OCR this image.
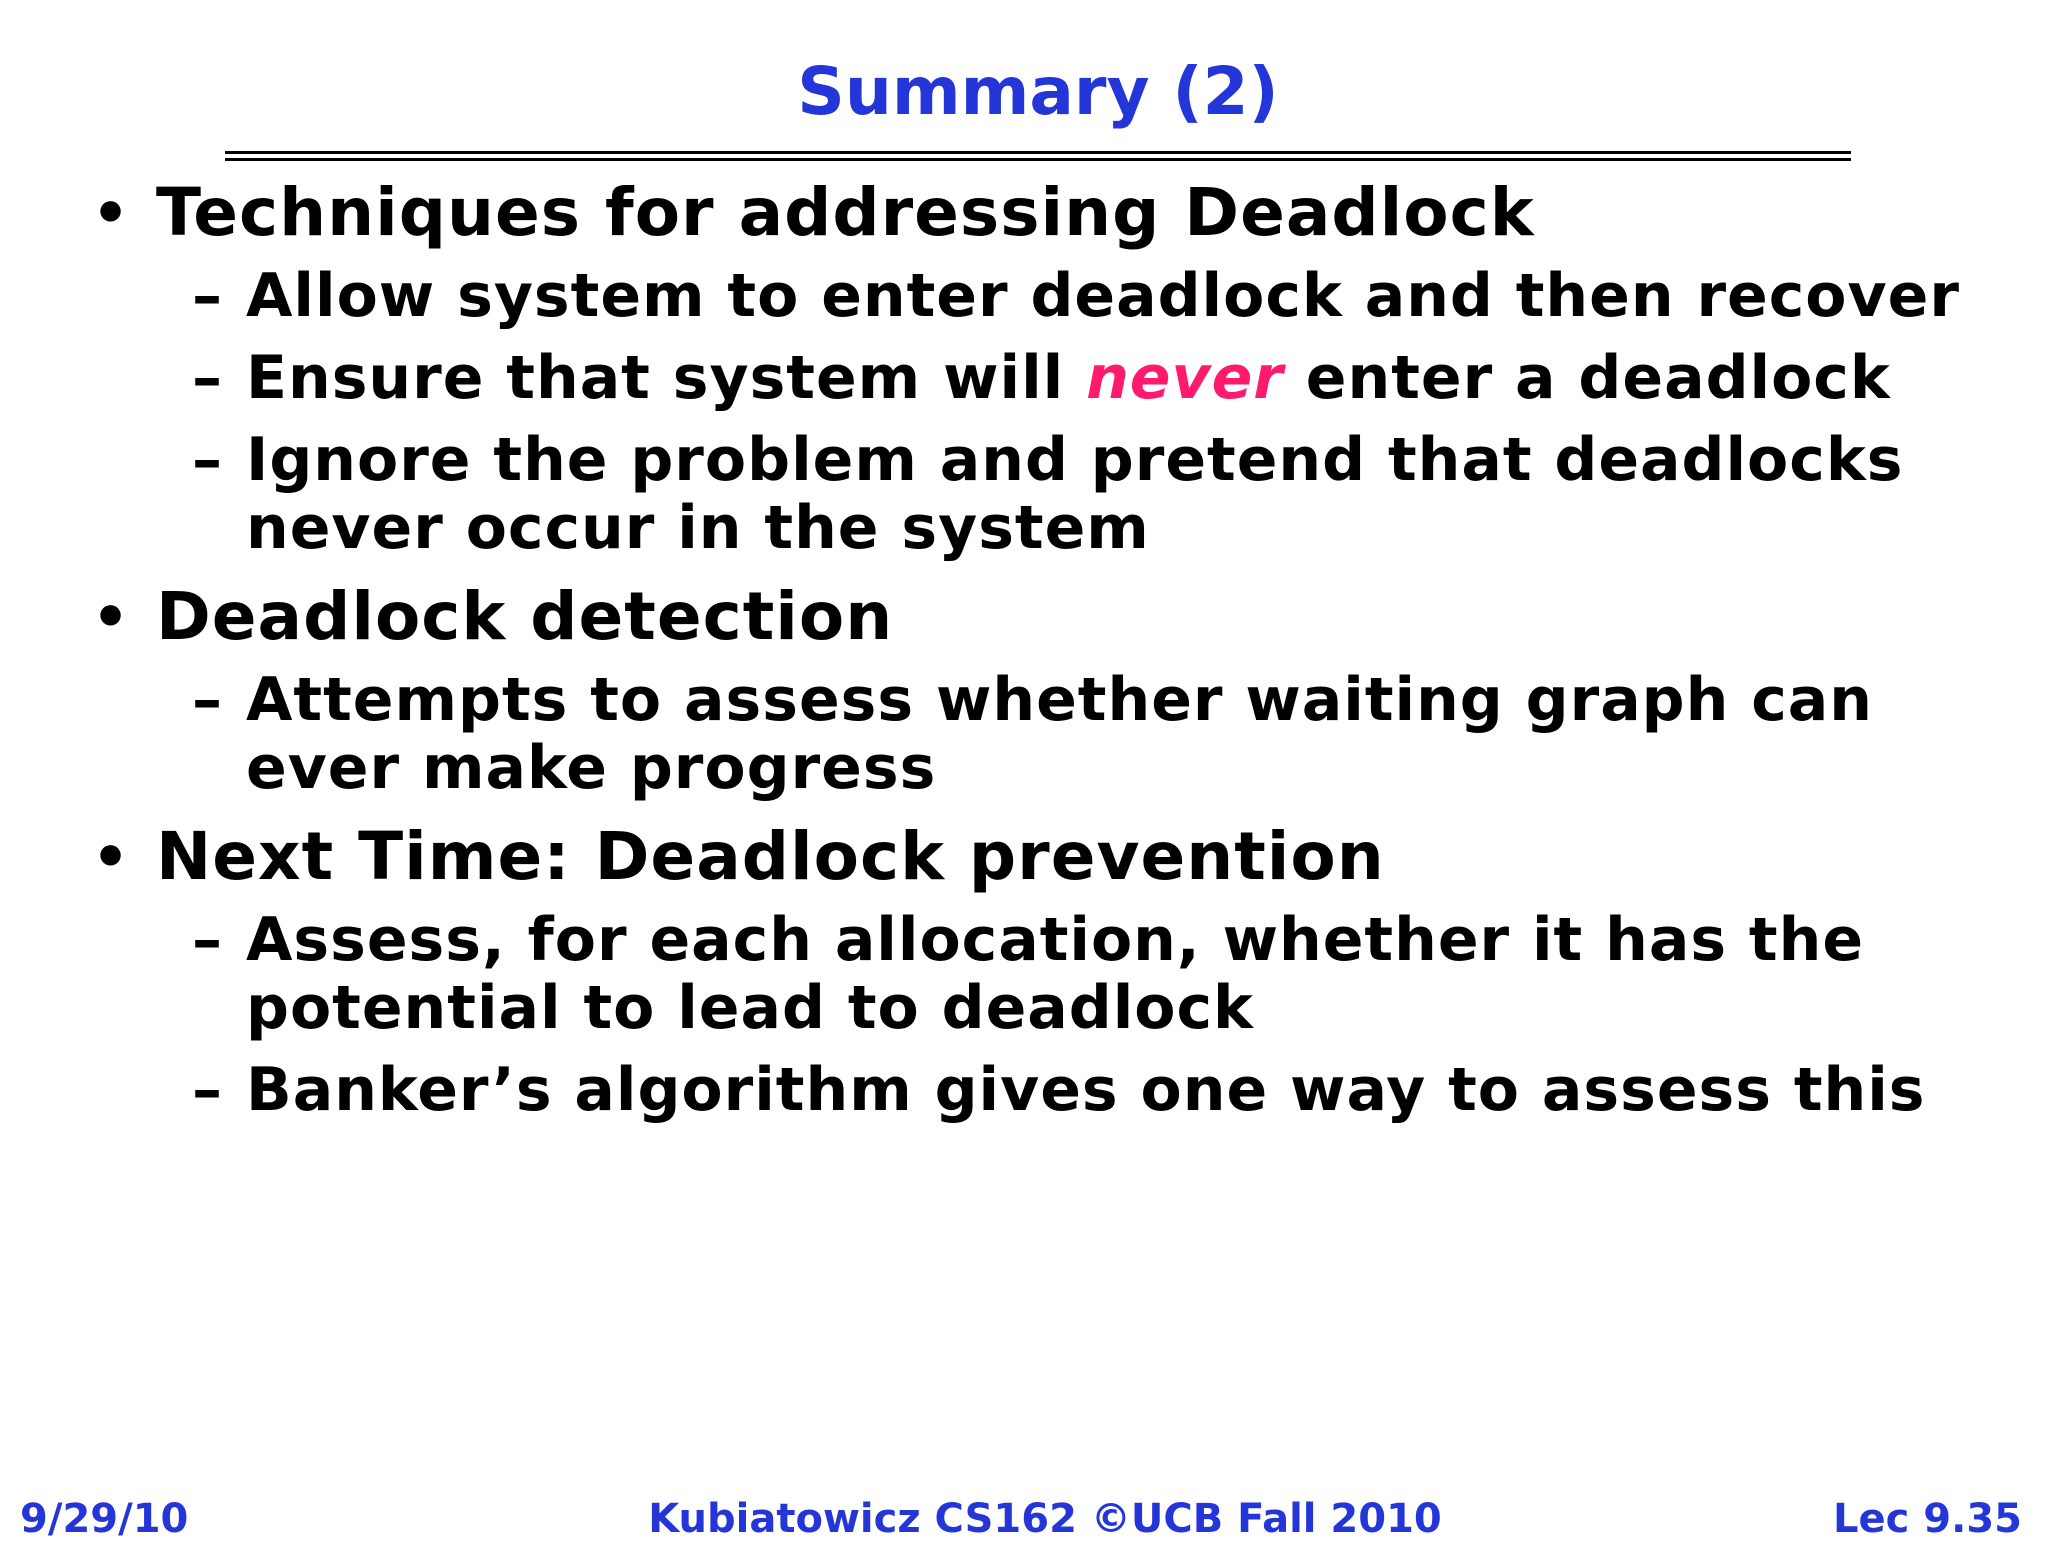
Summary (2)
• Techniques for addressing Deadlock
– Allow system to enter deadlock and then recover
– Ensure that system will never enter a deadlock
– Ignore the problem and pretend that deadlocks never occur in the system
• Deadlock detection
– Attempts to assess whether waiting graph can ever make progress
• Next Time: Deadlock prevention
– Assess, for each allocation, whether it has the potential to lead to deadlock
– Banker’s algorithm gives one way to assess this
9/29/10	Kubiatowicz CS162 ©UCB Fall 2010	Lec 9.35
